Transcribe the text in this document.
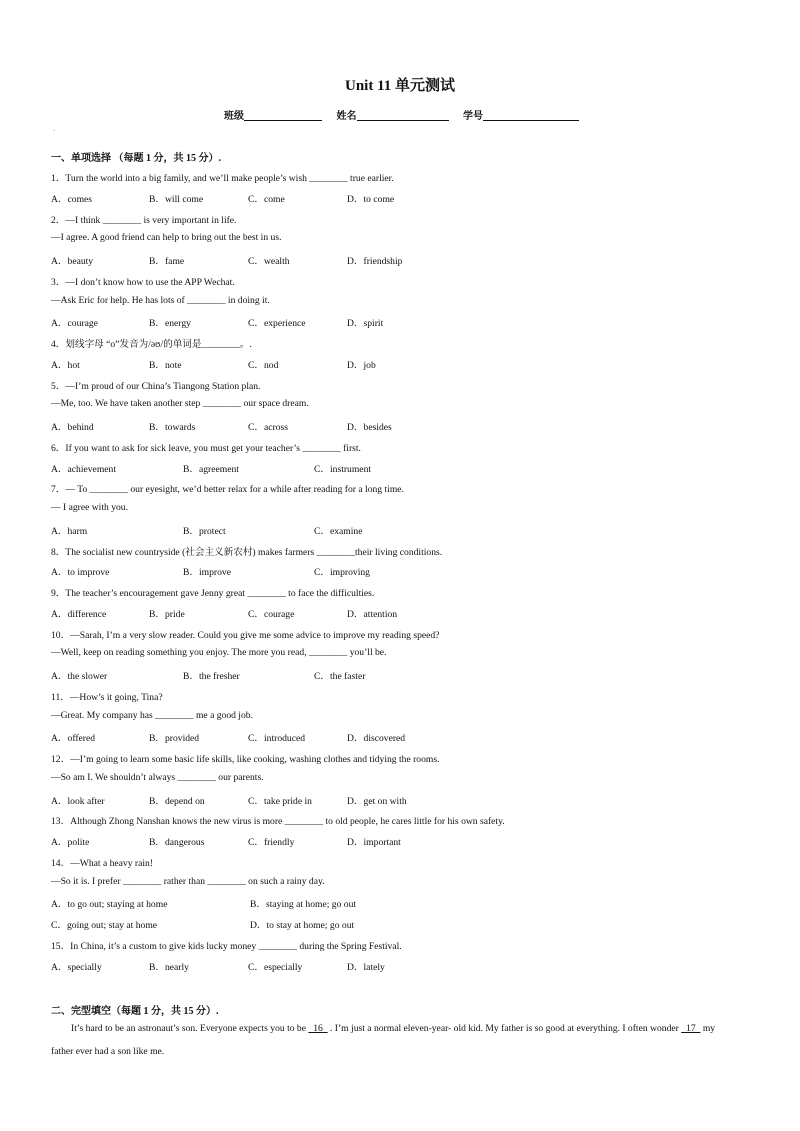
Unit 11 单元测试
班级	姓名	学号
.
一、单项选择 （每题 1 分，共 15 分）.
1．Turn the world into a big family, and we’ll make people’s wish ________ true earlier.
A．comes	B．will come	C．come	D．to come
2．—I think ________ is very important in life.
—I agree. A good friend can help to bring out the best in us.
A．beauty	B．fame	C．wealth	D．friendship
3．—I don’t know how to use the APP Wechat.
—Ask Eric for help. He has lots of ________ in doing it.
A．courage	B．energy	C．experience	D．spirit
4．划线字母 “o”发音为/əʊ/的单词是________。.
A．hot	B．note	C．nod	D．job
5．—I’m proud of our China’s Tiangong Station plan.
—Me, too. We have taken another step ________ our space dream.
A．behind	B．towards	C．across	D．besides
6．If you want to ask for sick leave, you must get your teacher’s ________ first.
A．achievement	B．agreement	C．instrument
7．— To ________ our eyesight, we’d better relax for a while after reading for a long time.
— I agree with you.
A．harm	B．protect	C．examine
8．The socialist new countryside (社会主义新农村) makes farmers ________their living conditions.
A．to improve	B．improve	C．improving
9．The teacher’s encouragement gave Jenny great ________ to face the difficulties.
A．difference	B．pride	C．courage	D．attention
10．—Sarah, I’m a very slow reader. Could you give me some advice to improve my reading speed?
—Well, keep on reading something you enjoy. The more you read, ________ you’ll be.
A．the slower	B．the fresher	C．the faster
11．—How’s it going, Tina?
—Great. My company has ________ me a good job.
A．offered	B．provided	C．introduced	D．discovered
12．—I’m going to learn some basic life skills, like cooking, washing clothes and tidying the rooms.
—So am I. We shouldn’t always ________ our parents.
A．look after	B．depend on	C．take pride in	D．get on with
13．Although Zhong Nanshan knows the new virus is more ________ to old people, he cares little for his own safety.
A．polite	B．dangerous	C．friendly	D．important
14．—What a heavy rain!
—So it is. I prefer ________ rather than ________ on such a rainy day.
A．to go out; staying at home	B．staying at home; go out
C．going out; stay at home	D．to stay at home; go out
15．In China, it’s a custom to give kids lucky money ________ during the Spring Festival.
A．specially	B．nearly	C．especially	D．lately
二、完型填空（每题 1 分，共 15 分）.
It’s hard to be an astronaut’s son. Everyone expects you to be 16 . I’m just a normal eleven-year- old kid. My father is so good at everything. I often wonder 17 my
father ever had a son like me.
